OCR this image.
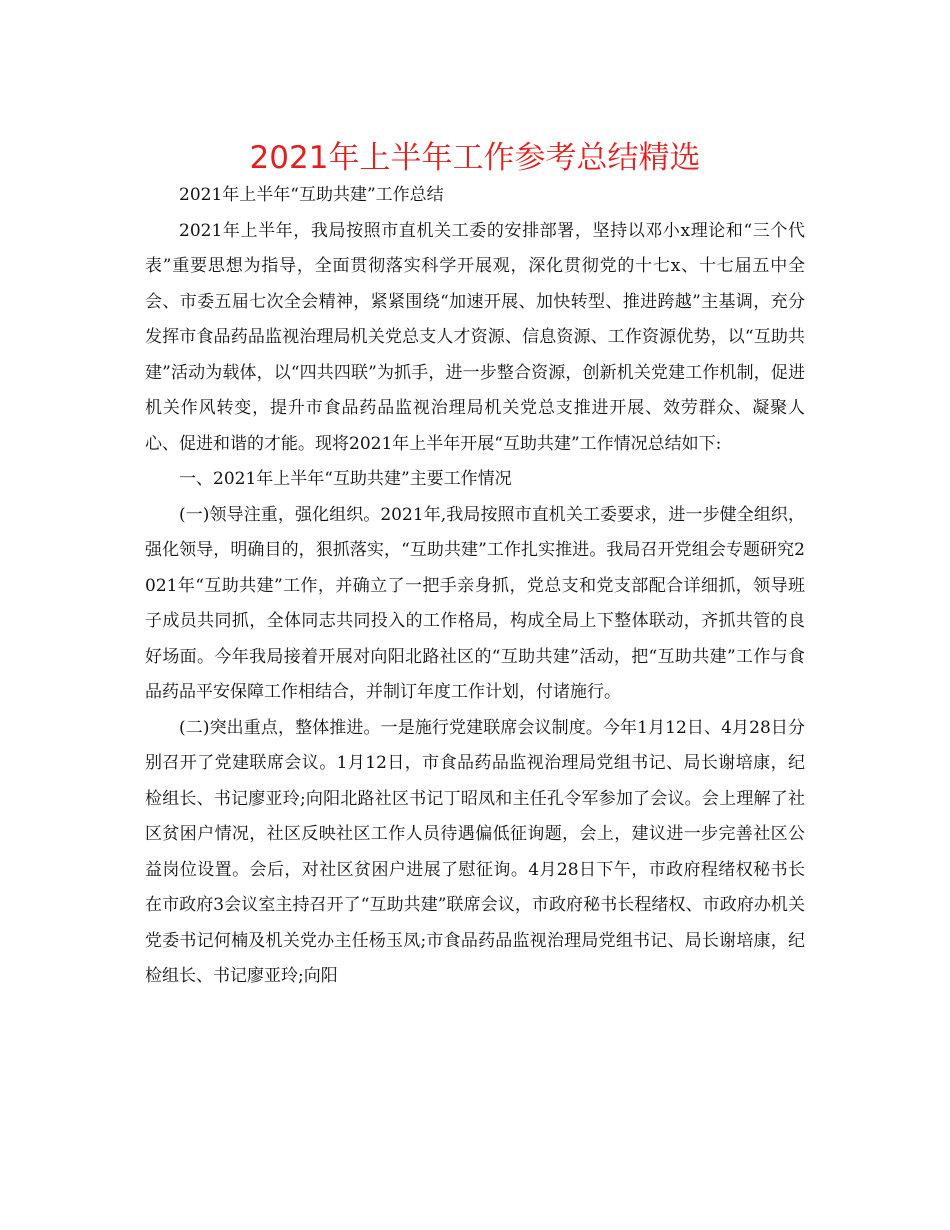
2021年上半年工作参考总结精选

2021年上半年“互助共建”工作总结

2021年上半年，我局按照市直机关工委的安排部署，坚持以邓小x理论和“三个代表”重要思想为指导，全面贯彻落实科学开展观，深化贯彻党的十七x、十七届五中全会、市委五届七次全会精神，紧紧围绕“加速开展、加快转型、推进跨越”主基调，充分发挥市食品药品监视治理局机关党总支人才资源、信息资源、工作资源优势，以“互助共建”活动为载体，以“四共四联”为抓手，进一步整合资源，创新机关党建工作机制，促进机关作风转变，提升市食品药品监视治理局机关党总支推进开展、效劳群众、凝聚人心、促进和谐的才能。现将2021年上半年开展“互助共建”工作情况总结如下:

一、2021年上半年“互助共建”主要工作情况

(一)领导注重，强化组织。2021年,我局按照市直机关工委要求，进一步健全组织，强化领导，明确目的，狠抓落实，“互助共建”工作扎实推进。我局召开党组会专题研究2021年“互助共建”工作，并确立了一把手亲身抓，党总支和党支部配合详细抓，领导班子成员共同抓，全体同志共同投入的工作格局，构成全局上下整体联动，齐抓共管的良好场面。今年我局接着开展对向阳北路社区的“互助共建”活动，把“互助共建”工作与食品药品平安保障工作相结合，并制订年度工作计划，付诸施行。

(二)突出重点，整体推进。一是施行党建联席会议制度。今年1月12日、4月28日分别召开了党建联席会议。1月12日，市食品药品监视治理局党组书记、局长谢培康，纪检组长、书记廖亚玲;向阳北路社区书记丁昭凤和主任孔令军参加了会议。会上理解了社区贫困户情况，社区反映社区工作人员待遇偏低征询题，会上，建议进一步完善社区公益岗位设置。会后，对社区贫困户进展了慰征询。4月28日下午，市政府程绪权秘书长在市政府3会议室主持召开了“互助共建”联席会议，市政府秘书长程绪权、市政府办机关党委书记何楠及机关党办主任杨玉凤;市食品药品监视治理局党组书记、局长谢培康，纪检组长、书记廖亚玲;向阳
